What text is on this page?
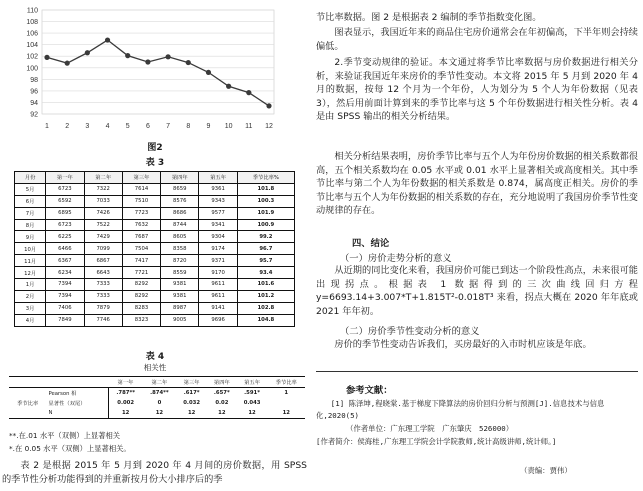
92
94
96
98
100
102
104
106
108
110
1 2 3 4 5 6 7 8 9 10 11 12
图2
表 3
月份	第一年	第二年	第三年	第四年	第五年	季节比率%
5月	6723	7322	7614	8659	9361	101.8
6月	6592	7033	7510	8576	9343	100.3
7月	6895	7426	7723	8686	9577	101.9
8月	6723	7522	7632	8744	9341	100.9
9月	6225	7429	7687	8605	9304	99.2
10月	6466	7099	7504	8358	9174	96.7
11月	6367	6867	7417	8720	9371	95.7
12月	6234	6643	7721	8559	9170	93.4
1月	7394	7333	8292	9381	9611	101.6
2月	7394	7333	8292	9381	9611	101.2
3月	7406	7879	8283	8987	9141	102.8
4月	7849	7746	8323	9005	9696	104.8
表 4
相关性
		第一年	第二年	第三年	第四年	第五年	季节比率
季节比率	Pearson 相	.787**	.874**	.617*	.657*	.591*	1
	显著性（双尾）	0.002	0	0.032	0.02	0.043	
	N	12	12	12	12	12	12
**.在.01 水平（双侧）上显著相关
*.在 0.05 水平（双侧）上显著相关。
表 2 是根据 2015 年 5 月到 2020 年 4 月间的房价数据，用 SPSS 的季节性分析功能得到的并重新按月份大小排序后的季

节比率数据。图 2 是根据表 2 编制的季节指数变化图。

图表显示，我国近年来的商品住宅房价通常会在年初偏高，下半年则会持续偏低。

2.季节变动规律的验证。本文通过将季节比率数据与房价数据进行相关分析，来验证我国近年来房价的季节性变动。本文将 2015 年 5 月到 2020 年 4 月的数据，按每 12 个月为一个年份，人为划分为 5 个人为年份数据（见表 3），然后用前面计算到来的季节比率与这 5 个年份数据进行相关性分析。表 4 是由 SPSS 输出的相关分析结果。

相关分析结果表明，房价季节比率与五个人为年份房价数据的相关系数都很高，五个相关系数均在 0.05 水平或 0.01 水平上显著相关或高度相关。其中季节比率与第二个人为年份数据的相关系数是 0.874，属高度正相关。房价的季节比率与五个人为年份数据的相关系数的存在，充分地说明了我国房价季节性变动规律的存在。

四、结论
（一）房价走势分析的意义

从近期的同比变化来看，我国房价可能已到达一个阶段性高点，未来很可能出现拐点。根据表 1 数据得到的三次曲线回归方程 y=6693.14+3.007*T+1.815T²-0.018T³ 来看，拐点大概在 2020 年年底或 2021 年年初。

（二）房价季节性变动分析的意义

房价的季节性变动告诉我们，买房最好的入市时机应该是年底。

参考文献：
[1] 陈泽坤,程晓棠.基于梯度下降算法的房价回归分析与预测[J].信息技术与信息化,2020(5)
（作者单位：广东理工学院　广东肇庆　526000）
[作者简介：侯海桂,广东理工学院会计学院教师,统计高级讲师,统计师。]
（责编：贾伟）
